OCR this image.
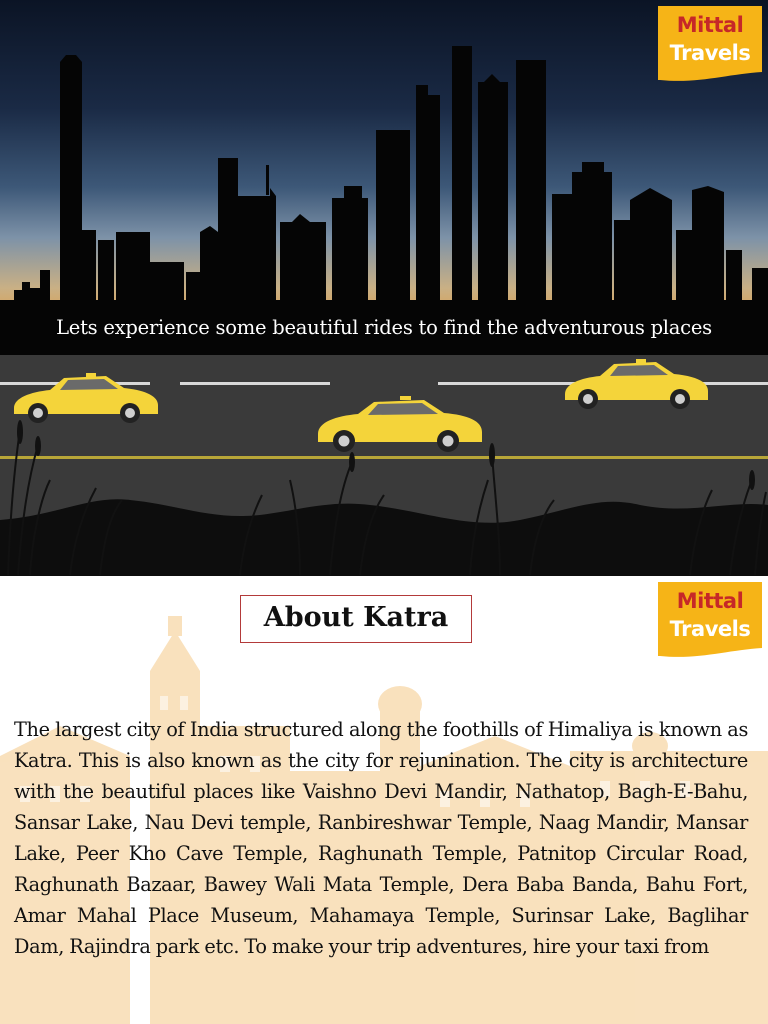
Lets experience some beautiful rides to find the adventurous places
Mittal
Travels
About Katra
Mittal
Travels

The largest city of India structured along the foothills of Himaliya is known as Katra. This is also known as the city for rejunination. The city is architecture with the beautiful places like Vaishno Devi Mandir, Nathatop, Bagh-E-Bahu, Sansar Lake, Nau Devi temple, Ranbireshwar Temple, Naag Mandir, Mansar Lake, Peer Kho Cave Temple, Raghunath Temple, Patnitop Circular Road, Raghunath Bazaar, Bawey Wali Mata Temple, Dera Baba Banda, Bahu Fort, Amar Mahal Place Museum, Mahamaya Temple, Surinsar Lake, Baglihar Dam, Rajindra park etc. To make your trip adventures, hire your taxi from
